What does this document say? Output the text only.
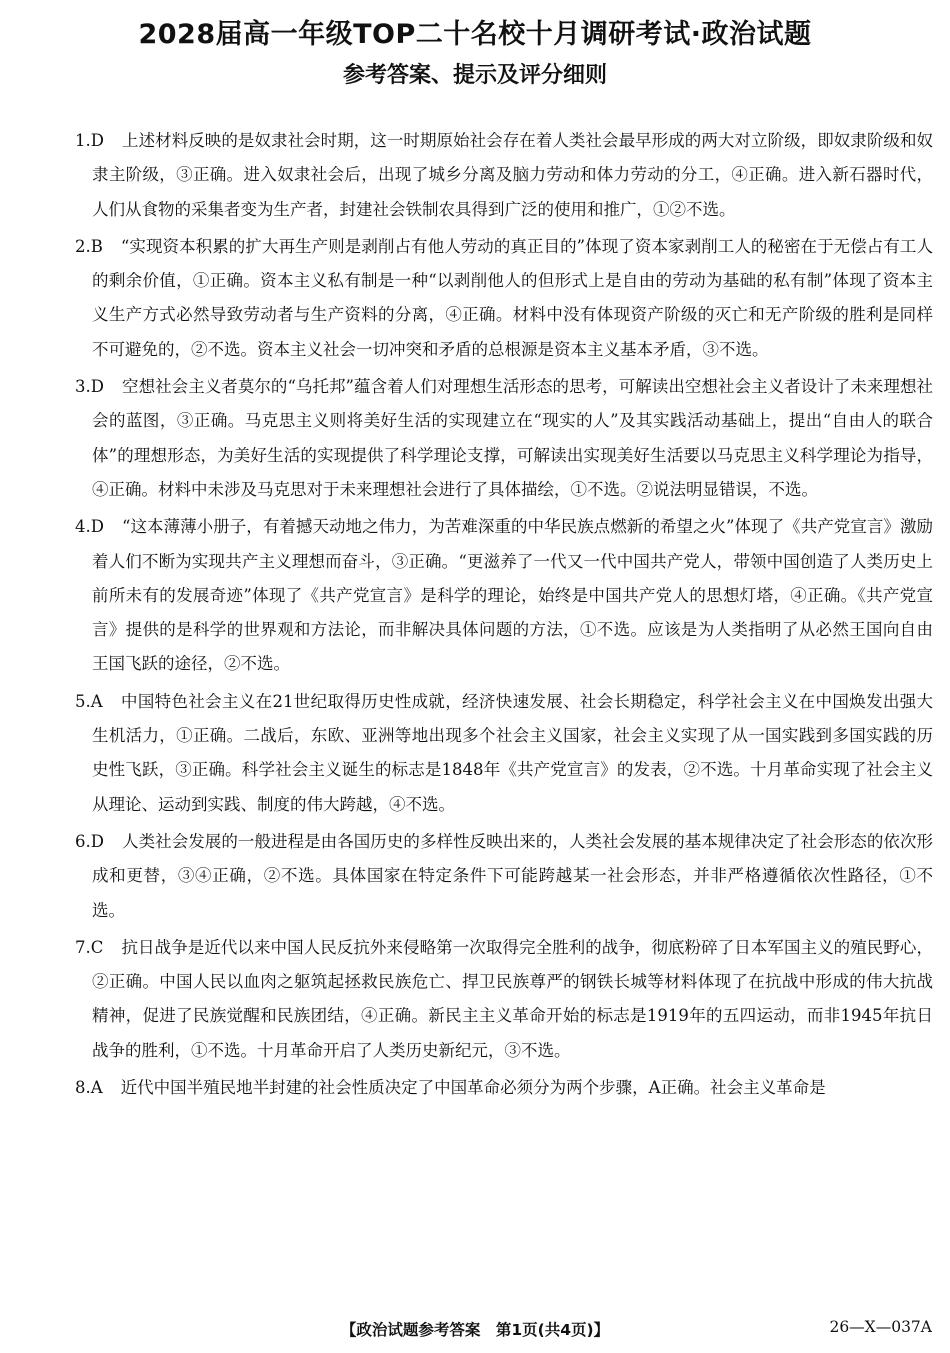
2028届高一年级TOP二十名校十月调研考试·政治试题
参考答案、提示及评分细则

1.D 上述材料反映的是奴隶社会时期，这一时期原始社会存在着人类社会最早形成的两大对立阶级，即奴隶阶级和奴隶主阶级，③正确。进入奴隶社会后，出现了城乡分离及脑力劳动和体力劳动的分工，④正确。进入新石器时代，人们从食物的采集者变为生产者，封建社会铁制农具得到广泛的使用和推广，①②不选。

2.B “实现资本积累的扩大再生产则是剥削占有他人劳动的真正目的”体现了资本家剥削工人的秘密在于无偿占有工人的剩余价值，①正确。资本主义私有制是一种“以剥削他人的但形式上是自由的劳动为基础的私有制”体现了资本主义生产方式必然导致劳动者与生产资料的分离，④正确。材料中没有体现资产阶级的灭亡和无产阶级的胜利是同样不可避免的，②不选。资本主义社会一切冲突和矛盾的总根源是资本主义基本矛盾，③不选。

3.D 空想社会主义者莫尔的“乌托邦”蕴含着人们对理想生活形态的思考，可解读出空想社会主义者设计了未来理想社会的蓝图，③正确。马克思主义则将美好生活的实现建立在“现实的人”及其实践活动基础上，提出“自由人的联合体”的理想形态，为美好生活的实现提供了科学理论支撑，可解读出实现美好生活要以马克思主义科学理论为指导，④正确。材料中未涉及马克思对于未来理想社会进行了具体描绘，①不选。②说法明显错误，不选。

4.D “这本薄薄小册子，有着撼天动地之伟力，为苦难深重的中华民族点燃新的希望之火”体现了《共产党宣言》激励着人们不断为实现共产主义理想而奋斗，③正确。“更滋养了一代又一代中国共产党人，带领中国创造了人类历史上前所未有的发展奇迹”体现了《共产党宣言》是科学的理论，始终是中国共产党人的思想灯塔，④正确。《共产党宣言》提供的是科学的世界观和方法论，而非解决具体问题的方法，①不选。应该是为人类指明了从必然王国向自由王国飞跃的途径，②不选。

5.A 中国特色社会主义在21世纪取得历史性成就，经济快速发展、社会长期稳定，科学社会主义在中国焕发出强大生机活力，①正确。二战后，东欧、亚洲等地出现多个社会主义国家，社会主义实现了从一国实践到多国实践的历史性飞跃，③正确。科学社会主义诞生的标志是1848年《共产党宣言》的发表，②不选。十月革命实现了社会主义从理论、运动到实践、制度的伟大跨越，④不选。

6.D 人类社会发展的一般进程是由各国历史的多样性反映出来的，人类社会发展的基本规律决定了社会形态的依次形成和更替，③④正确，②不选。具体国家在特定条件下可能跨越某一社会形态，并非严格遵循依次性路径，①不选。

7.C 抗日战争是近代以来中国人民反抗外来侵略第一次取得完全胜利的战争，彻底粉碎了日本军国主义的殖民野心，②正确。中国人民以血肉之躯筑起拯救民族危亡、捍卫民族尊严的钢铁长城等材料体现了在抗战中形成的伟大抗战精神，促进了民族觉醒和民族团结，④正确。新民主主义革命开始的标志是1919年的五四运动，而非1945年抗日战争的胜利，①不选。十月革命开启了人类历史新纪元，③不选。

8.A 近代中国半殖民地半封建的社会性质决定了中国革命必须分为两个步骤，A正确。社会主义革命是

【政治试题参考答案　第1页(共4页)】	26—X—037A
